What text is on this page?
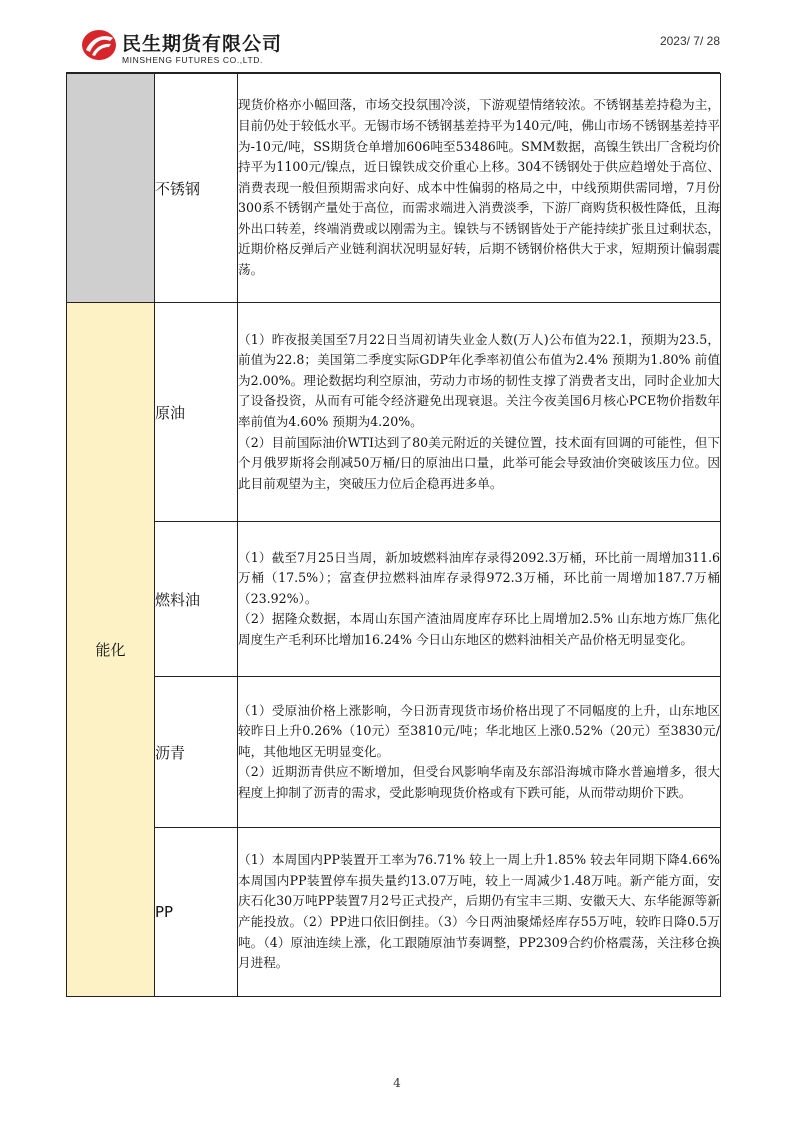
民生期货有限公司
MINSHENG FUTURES CO.,LTD.
2023/ 7/ 28
	不锈钢	现货价格亦小幅回落，市场交投氛围冷淡，下游观望情绪较浓。不锈钢基差持稳为主，目前仍处于较低水平。无锡市场不锈钢基差持平为140元/吨，佛山市场不锈钢基差持平为-10元/吨，SS期货仓单增加606吨至53486吨。SMM数据，高镍生铁出厂含税均价持平为1100元/镍点，近日镍铁成交价重心上移。304不锈钢处于供应趋增处于高位、消费表现一般但预期需求向好、成本中性偏弱的格局之中，中线预期供需同增，7月份300系不锈钢产量处于高位，而需求端进入消费淡季，下游厂商购货积极性降低，且海外出口转差，终端消费或以刚需为主。镍铁与不锈钢皆处于产能持续扩张且过剩状态，近期价格反弹后产业链利润状况明显好转，后期不锈钢价格供大于求，短期预计偏弱震荡。

能化	原油	（1）昨夜报美国至7月22日当周初请失业金人数(万人)公布值为22.1，预期为23.5，前值为22.8；美国第二季度实际GDP年化季率初值公布值为2.4% 预期为1.80% 前值为2.00%。理论数据均利空原油，劳动力市场的韧性支撑了消费者支出，同时企业加大了设备投资，从而有可能令经济避免出现衰退。关注今夜美国6月核心PCE物价指数年率前值为4.60% 预期为4.20%。

（2）目前国际油价WTI达到了80美元附近的关键位置，技术面有回调的可能性，但下个月俄罗斯将会削减50万桶/日的原油出口量，此举可能会导致油价突破该压力位。因此目前观望为主，突破压力位后企稳再进多单。

	燃料油	（1）截至7月25日当周，新加坡燃料油库存录得2092.3万桶，环比前一周增加311.6万桶（17.5%）；富查伊拉燃料油库存录得972.3万桶，环比前一周增加187.7万桶（23.92%）。

（2）据隆众数据，本周山东国产渣油周度库存环比上周增加2.5% 山东地方炼厂焦化周度生产毛利环比增加16.24% 今日山东地区的燃料油相关产品价格无明显变化。

	沥青	（1）受原油价格上涨影响，今日沥青现货市场价格出现了不同幅度的上升，山东地区较昨日上升0.26%（10元）至3810元/吨；华北地区上涨0.52%（20元）至3830元/吨，其他地区无明显变化。

（2）近期沥青供应不断增加，但受台风影响华南及东部沿海城市降水普遍增多，很大程度上抑制了沥青的需求，受此影响现货价格或有下跌可能，从而带动期价下跌。

	PP	（1）本周国内PP装置开工率为76.71% 较上一周上升1.85% 较去年同期下降4.66% 本周国内PP装置停车损失量约13.07万吨，较上一周减少1.48万吨。新产能方面，安庆石化30万吨PP装置7月2号正式投产，后期仍有宝丰三期、安徽天大、东华能源等新产能投放。（2）PP进口依旧倒挂。（3）今日两油聚烯烃库存55万吨，较昨日降0.5万吨。（4）原油连续上涨，化工跟随原油节奏调整，PP2309合约价格震荡，关注移仓换月进程。

4
